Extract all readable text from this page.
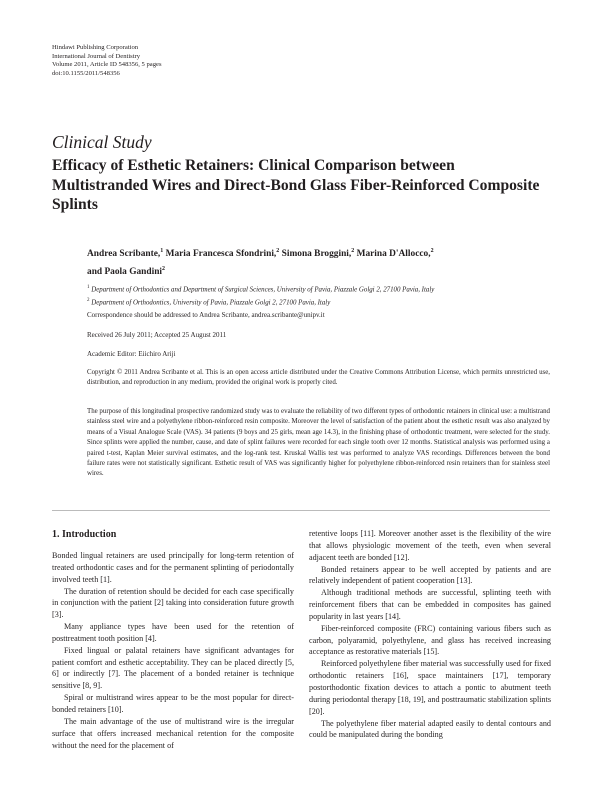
Hindawi Publishing Corporation
International Journal of Dentistry
Volume 2011, Article ID 548356, 5 pages
doi:10.1155/2011/548356
Clinical Study
Efficacy of Esthetic Retainers: Clinical Comparison between Multistranded Wires and Direct-Bond Glass Fiber-Reinforced Composite Splints
Andrea Scribante,$^1$ Maria Francesca Sfondrini,$^2$ Simona Broggini,$^2$ Marina D'Allocco,$^2$
and Paola Gandini$^2$
$^1$ Department of Orthodontics and Department of Surgical Sciences, University of Pavia, Piazzale Golgi 2, 27100 Pavia, Italy
$^2$ Department of Orthodontics, University of Pavia, Piazzale Golgi 2, 27100 Pavia, Italy
Correspondence should be addressed to Andrea Scribante, andrea.scribante@unipv.it
Received 26 July 2011; Accepted 25 August 2011
Academic Editor: Eiichiro Ariji
Copyright © 2011 Andrea Scribante et al. This is an open access article distributed under the Creative Commons Attribution License, which permits unrestricted use, distribution, and reproduction in any medium, provided the original work is properly cited.
The purpose of this longitudinal prospective randomized study was to evaluate the reliability of two different types of orthodontic retainers in clinical use: a multistrand stainless steel wire and a polyethylene ribbon-reinforced resin composite. Moreover the level of satisfaction of the patient about the esthetic result was also analyzed by means of a Visual Analogue Scale (VAS). 34 patients (9 boys and 25 girls, mean age 14.3), in the finishing phase of orthodontic treatment, were selected for the study. Since splints were applied the number, cause, and date of splint failures were recorded for each single tooth over 12 months. Statistical analysis was performed using a paired t-test, Kaplan Meier survival estimates, and the log-rank test. Kruskal Wallis test was performed to analyze VAS recordings. Differences between the bond failure rates were not statistically significant. Esthetic result of VAS was significantly higher for polyethylene ribbon-reinforced resin retainers than for stainless steel wires.
1. Introduction

Bonded lingual retainers are used principally for long-term retention of treated orthodontic cases and for the permanent splinting of periodontally involved teeth [1].

The duration of retention should be decided for each case specifically in conjunction with the patient [2] taking into consideration future growth [3].

Many appliance types have been used for the retention of posttreatment tooth position [4].

Fixed lingual or palatal retainers have significant advantages for patient comfort and esthetic acceptability. They can be placed directly [5, 6] or indirectly [7]. The placement of a bonded retainer is technique sensitive [8, 9].

Spiral or multistrand wires appear to be the most popular for direct-bonded retainers [10].

The main advantage of the use of multistrand wire is the irregular surface that offers increased mechanical retention for the composite without the need for the placement of

retentive loops [11]. Moreover another asset is the flexibility of the wire that allows physiologic movement of the teeth, even when several adjacent teeth are bonded [12].

Bonded retainers appear to be well accepted by patients and are relatively independent of patient cooperation [13].

Although traditional methods are successful, splinting teeth with reinforcement fibers that can be embedded in composites has gained popularity in last years [14].

Fiber-reinforced composite (FRC) containing various fibers such as carbon, polyaramid, polyethylene, and glass has received increasing acceptance as restorative materials [15].

Reinforced polyethylene fiber material was successfully used for fixed orthodontic retainers [16], space maintainers [17], temporary postorthodontic fixation devices to attach a pontic to abutment teeth during periodontal therapy [18, 19], and posttraumatic stabilization splints [20].

The polyethylene fiber material adapted easily to dental contours and could be manipulated during the bonding
